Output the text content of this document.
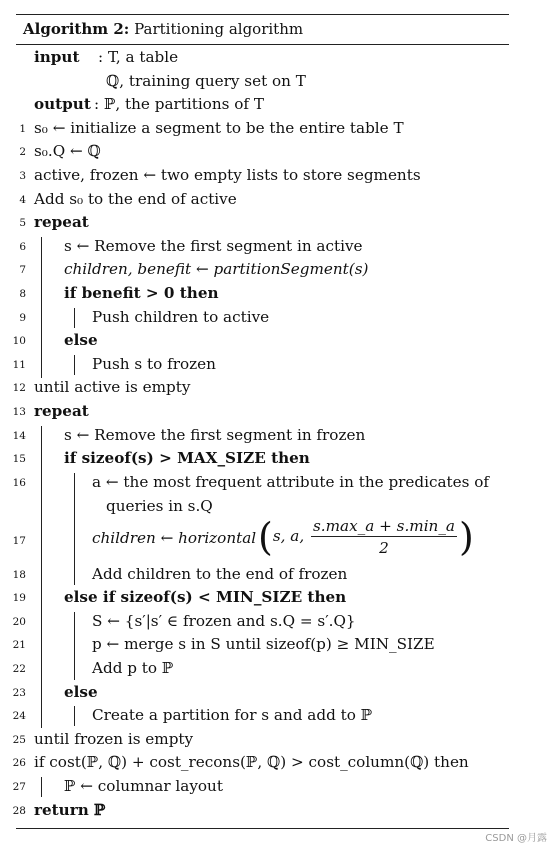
Algorithm 2: Partitioning algorithm
input : T, a table
ℚ, training query set on T
output : ℙ, the partitions of T
1 s₀ ← initialize a segment to be the entire table T
2 s₀.Q ← ℚ
3 active, frozen ← two empty lists to store segments
4 Add s₀ to the end of active
5 repeat
6	s ← Remove the first segment in active
7	children, benefit ← partitionSegment(s)
8	if benefit > 0 then
9	Push children to active
10	else
11	Push s to frozen
12 until active is empty
13 repeat
14	s ← Remove the first segment in frozen
15	if sizeof(s) > MAX_SIZE then
16	a ← the most frequent attribute in the predicates of
queries in s.Q
17	children ← horizontal (s, a, $\frac{s.\max\_a + s.\min\_a}{2}$ )
18	Add children to the end of frozen
19	else if sizeof(s) < MIN_SIZE then
20	S ← {s′|s′ ∈ frozen and s.Q = s′.Q}
21	p ← merge s in S until sizeof(p) ≥ MIN_SIZE
22	Add p to ℙ
23	else
24	Create a partition for s and add to ℙ
25 until frozen is empty
26 if cost(ℙ, ℚ) + cost_recons(ℙ, ℚ) > cost_column(ℚ) then
27	ℙ ← columnar layout
28 return ℙ
CSDN @月露
